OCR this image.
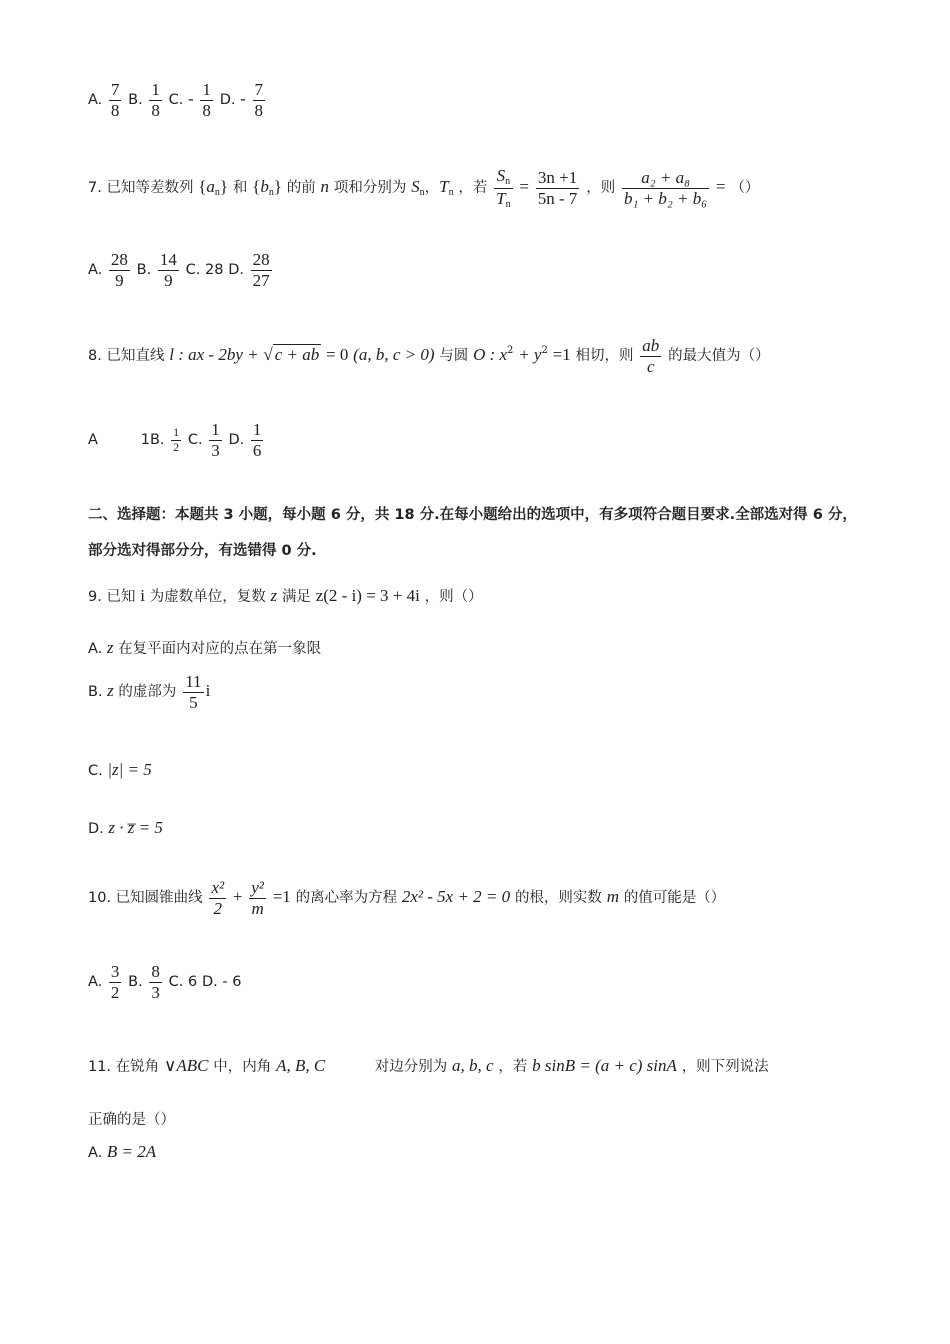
A. $\frac{7}{8} B$. $\frac{1}{8} C$. - $\frac{1}{8} D$. - $\frac{7}{8}$
7. 已知等差数列 $\{a_n\}$ 和 $\{b_n\}$ 的前 n 项和分别为 $S_n$，$T_n$ ，若 $\frac{S_n}{T_n} = \frac{3n +1}{5n - 7}$ ，则 $\frac{\text{a₂ + a₈}}{\text{b₁ + b₂ + b₆}}$ = （）
A. $\frac{28}{9} B$. $\frac{14}{9} C$. 28 D. $\frac{28}{27}$
8. 已知直线 l : ax - 2by + √ c + ab = 0 (a, b, c > 0) 与圆 O : $x^2 + y^2 =1$ 相切，则 $\frac{ab}{c}$ 的最大值为（）
A	1B. $\frac{1}{2} C$. $\frac{1}{3} D$. $\frac{1}{6}$
二、选择题：本题共 3 小题，每小题 6 分，共 18 分.在每小题给出的选项中，有多项符合题目要求.全部选对得 6 分，部分选对得部分分，有选错得 0 分.
9. 已知 i 为虚数单位，复数 z 满足 z(2 - i) = 3 + 4i ，则（）
A. z 在复平面内对应的点在第一象限
B. z 的虚部为 $\frac{11}{5}$ i
C. |z| = 5
D. z · z̅ = 5
10. 已知圆锥曲线 $\frac{\text{x²}}{2} + \frac{\text{y²}}{m} =1$ 的离心率为方程 2x² - 5x + 2 = 0 的根，则实数 m 的值可能是（）
A. $\frac{3}{2} B$. $\frac{8}{3} C$. 6 D. - 6
11. 在锐角 ∨ABC 中，内角 A, B, C	对边分别为 a, b, c ，若 b sinB = (a + c) sinA ，则下列说法
正确的是（）
A. B = 2A
